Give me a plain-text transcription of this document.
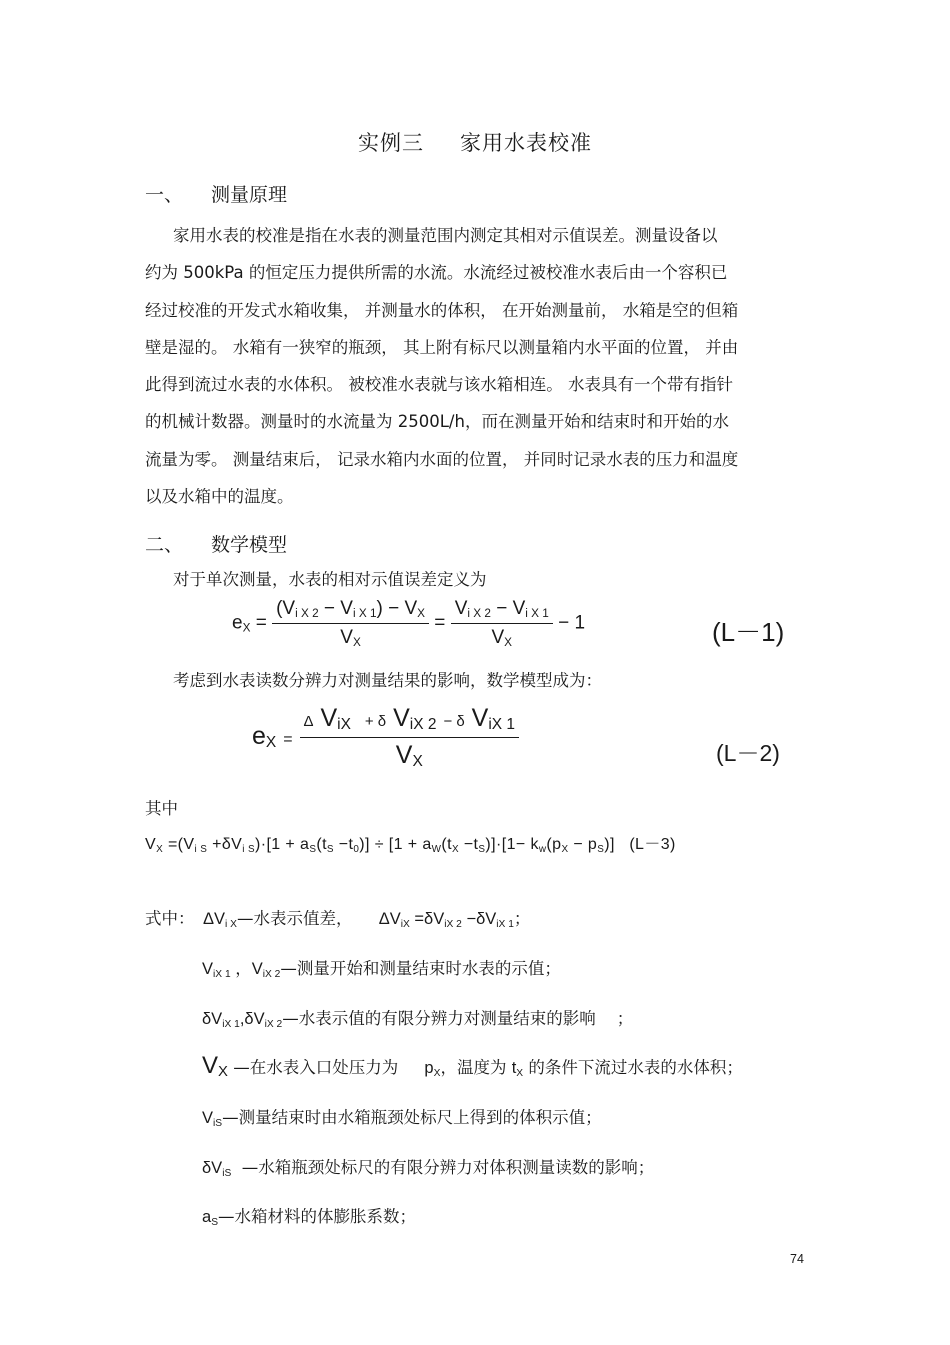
实例三 家用水表校准
一、 测量原理
家用水表的校准是指在水表的测量范围内测定其相对示值误差。测量设备以
约为 500kPa 的恒定压力提供所需的水流。水流经过被校准水表后由一个容积已
经过校准的开发式水箱收集， 并测量水的体积， 在开始测量前， 水箱是空的但箱
壁是湿的。 水箱有一狭窄的瓶颈， 其上附有标尺以测量箱内水平面的位置， 并由
此得到流过水表的水体积。 被校准水表就与该水箱相连。 水表具有一个带有指针
的机械计数器。测量时的水流量为 2500L/h，而在测量开始和结束时和开始的水
流量为零。 测量结束后， 记录水箱内水面的位置， 并同时记录水表的压力和温度
以及水箱中的温度。
二、 数学模型
对于单次测量，水表的相对示值误差定义为
$e_X = \frac{(V_{i X 2} - V_{i X 1}) - V_X}{V_X} = \frac{V_{i X 2} - V_{i X 1}}{V_X} - 1$	(L－1)
考虑到水表读数分辨力对测量结果的影响，数学模型成为：
$e_X = \frac{\Delta V_{iX} + \delta V_{iX 2} - \delta V_{iX 1}}{V_X}$	(L－2)
其中
$V_X =(V_{i S} +\delta V_{i S})\cdot[1 + a_S(t_S -t_0)] \div [1 + a_W(t_X -t_S)]\cdot[1- k_w(p_X - p_S)]$   (L－3)
式中： $\Delta V_{i X}—$水表示值差， $\Delta V_{iX} =\delta V_{iX 2} -\delta V_{iX 1}$；
$V_{iX 1}$ ，$V_{iX 2}—$测量开始和测量结束时水表的示值；
$\delta V_{iX 1},\delta V_{iX 2}—$水表示值的有限分辨力对测量结束的影响 ；
$V_X$ —在水表入口处压力为 $p_X$，温度为 $t_X$ 的条件下流过水表的水体积；
$V_{iS}—$测量结束时由水箱瓶颈处标尺上得到的体积示值；
$\delta V_{iS}$ —水箱瓶颈处标尺的有限分辨力对体积测量读数的影响；
$a_S—$水箱材料的体膨胀系数；
74
